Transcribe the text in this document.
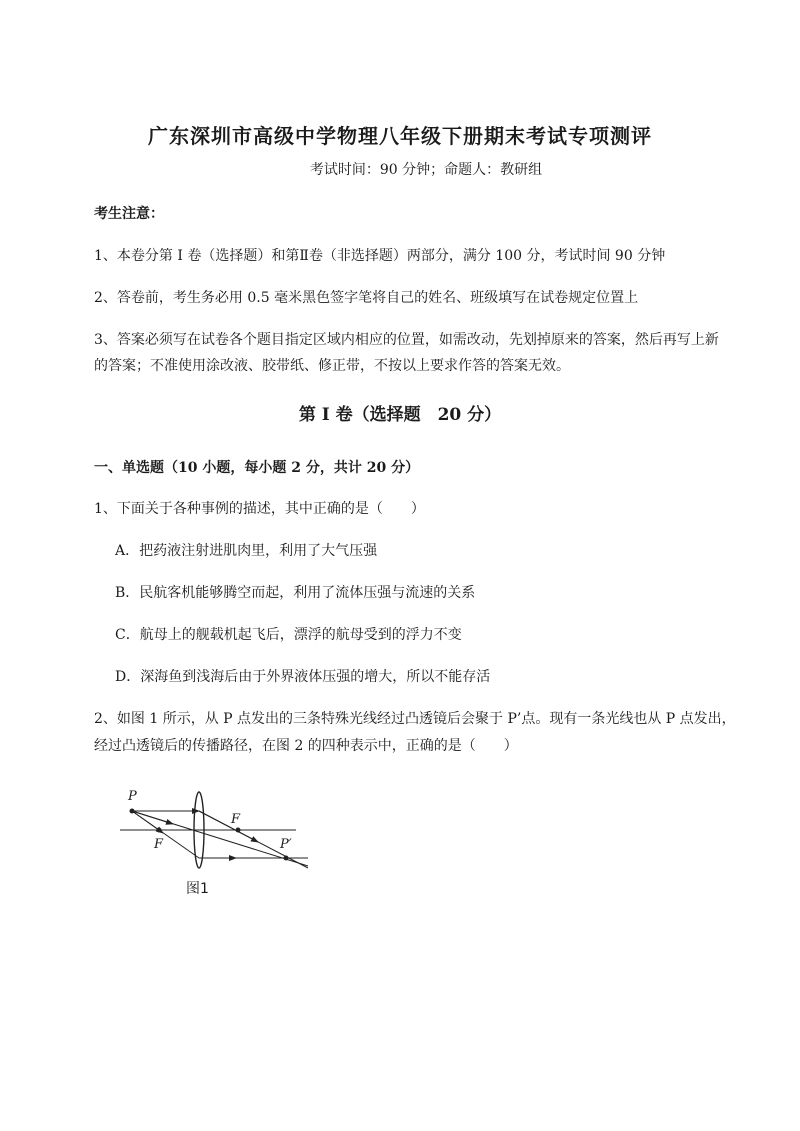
广东深圳市高级中学物理八年级下册期末考试专项测评
考试时间：90 分钟；命题人：教研组
考生注意：
1、本卷分第 I 卷（选择题）和第Ⅱ卷（非选择题）两部分，满分 100 分，考试时间 90 分钟
2、答卷前，考生务必用 0.5 毫米黑色签字笔将自己的姓名、班级填写在试卷规定位置上
3、答案必须写在试卷各个题目指定区域内相应的位置，如需改动，先划掉原来的答案，然后再写上新
的答案；不准使用涂改液、胶带纸、修正带，不按以上要求作答的答案无效。
第 I 卷（选择题　20 分）
一、单选题（10 小题，每小题 2 分，共计 20 分）
1、下面关于各种事例的描述，其中正确的是（　　）
A．把药液注射进肌肉里，利用了大气压强
B．民航客机能够腾空而起，利用了流体压强与流速的关系
C．航母上的舰载机起飞后，漂浮的航母受到的浮力不变
D．深海鱼到浅海后由于外界液体压强的增大，所以不能存活
2、如图 1 所示，从 P 点发出的三条特殊光线经过凸透镜后会聚于 P’点。现有一条光线也从 P 点发出，
经过凸透镜后的传播路径，在图 2 的四种表示中，正确的是（　　）
P
F
F
P′
图1
